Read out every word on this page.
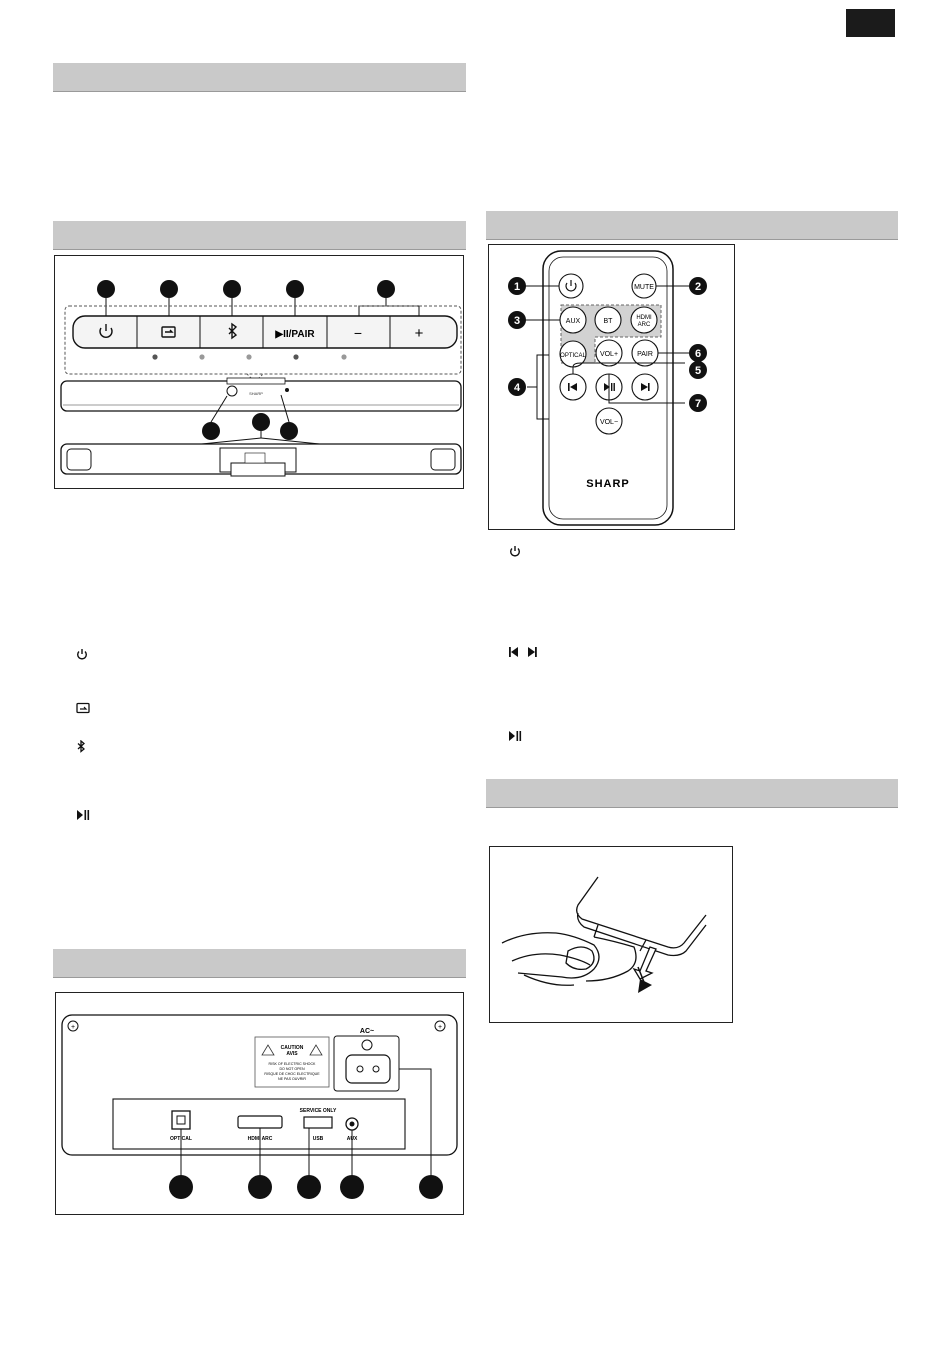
▶II/PAIR	−	+
SHARP
+	+
CAUTION
AVIS
RISK OF ELECTRIC SHOCK
DO NOT OPEN
RISQUE DE CHOC ELECTRIQUE
NE PAS OUVRIR
AC~
OPTICAL	HDMI ARC
SERVICE ONLY
USB	AUX
MUTE
AUX	BT	HDMI
ARC
OPTICAL VOL+	PAIR
VOL−
SHARP
1	2
3
4
5
6
7
